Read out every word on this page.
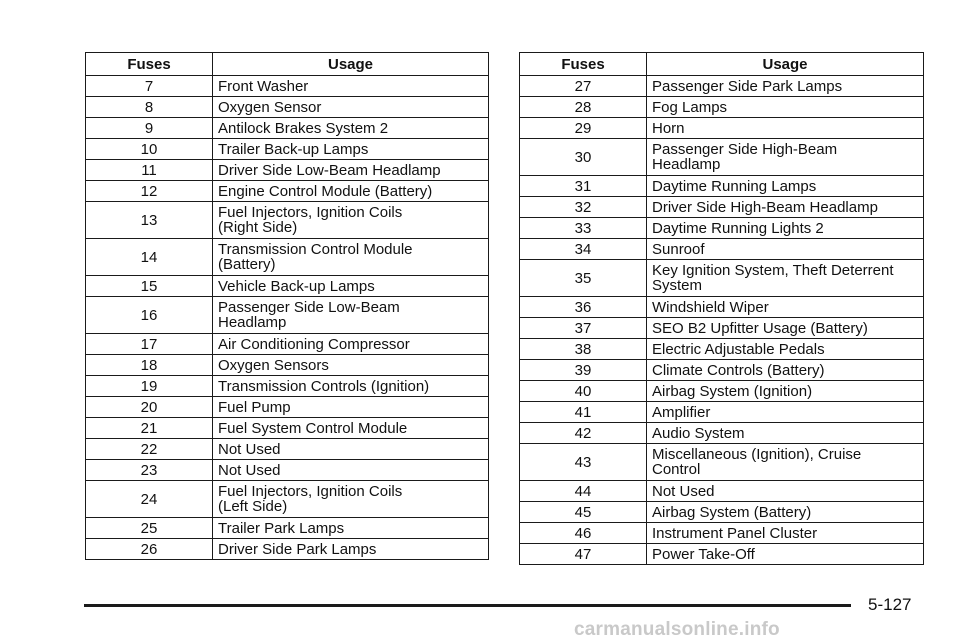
Fuses	Usage
7	Front Washer
8	Oxygen Sensor
9	Antilock Brakes System 2
10	Trailer Back-up Lamps
11	Driver Side Low-Beam Headlamp
12	Engine Control Module (Battery)
13	Fuel Injectors, Ignition Coils
(Right Side)
14	Transmission Control Module
(Battery)
15	Vehicle Back-up Lamps
16	Passenger Side Low-Beam
Headlamp
17	Air Conditioning Compressor
18	Oxygen Sensors
19	Transmission Controls (Ignition)
20	Fuel Pump
21	Fuel System Control Module
22	Not Used
23	Not Used
24	Fuel Injectors, Ignition Coils
(Left Side)
25	Trailer Park Lamps
26	Driver Side Park Lamps
Fuses	Usage
27	Passenger Side Park Lamps
28	Fog Lamps
29	Horn
30	Passenger Side High-Beam
Headlamp
31	Daytime Running Lamps
32	Driver Side High-Beam Headlamp
33	Daytime Running Lights 2
34	Sunroof
35	Key Ignition System, Theft Deterrent
System
36	Windshield Wiper
37	SEO B2 Upfitter Usage (Battery)
38	Electric Adjustable Pedals
39	Climate Controls (Battery)
40	Airbag System (Ignition)
41	Amplifier
42	Audio System
43	Miscellaneous (Ignition), Cruise
Control
44	Not Used
45	Airbag System (Battery)
46	Instrument Panel Cluster
47	Power Take-Off
5-127
carmanualsonline.info
